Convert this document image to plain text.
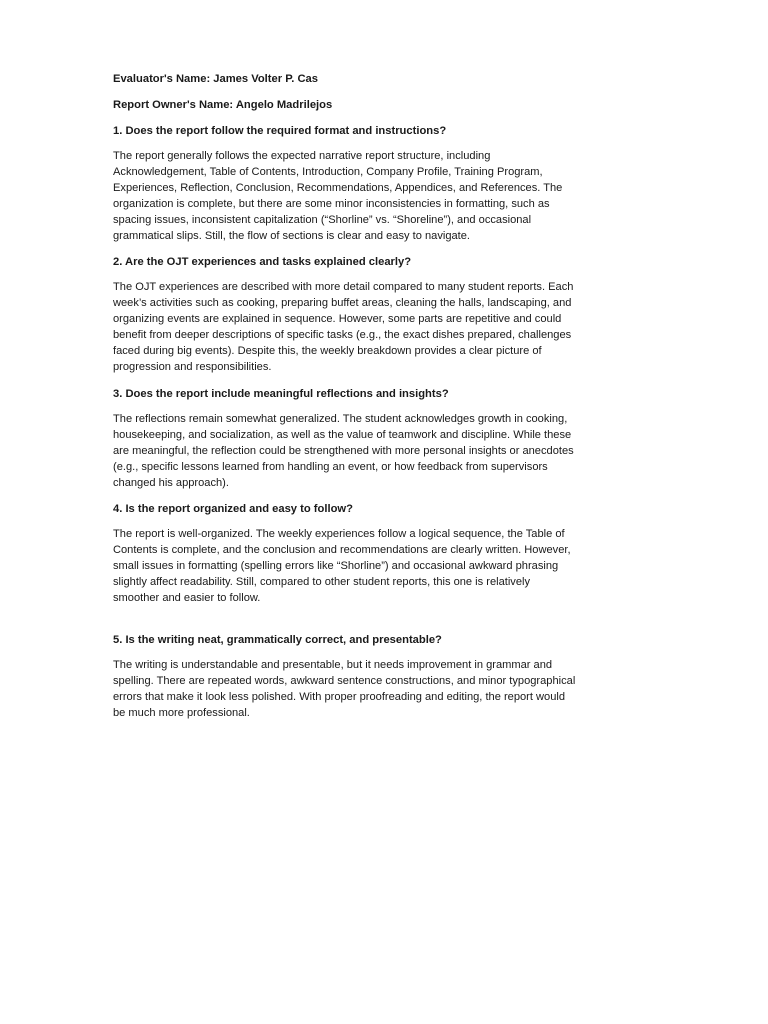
Evaluator's Name: James Volter P. Cas

Report Owner's Name: Angelo Madrilejos

1. Does the report follow the required format and instructions?

The report generally follows the expected narrative report structure, including
Acknowledgement, Table of Contents, Introduction, Company Profile, Training Program,
Experiences, Reflection, Conclusion, Recommendations, Appendices, and References. The
organization is complete, but there are some minor inconsistencies in formatting, such as
spacing issues, inconsistent capitalization (“Shorline” vs. “Shoreline”), and occasional
grammatical slips. Still, the flow of sections is clear and easy to navigate.

2. Are the OJT experiences and tasks explained clearly?

The OJT experiences are described with more detail compared to many student reports. Each
week’s activities such as cooking, preparing buffet areas, cleaning the halls, landscaping, and
organizing events are explained in sequence. However, some parts are repetitive and could
benefit from deeper descriptions of specific tasks (e.g., the exact dishes prepared, challenges
faced during big events). Despite this, the weekly breakdown provides a clear picture of
progression and responsibilities.

3. Does the report include meaningful reflections and insights?

The reflections remain somewhat generalized. The student acknowledges growth in cooking,
housekeeping, and socialization, as well as the value of teamwork and discipline. While these
are meaningful, the reflection could be strengthened with more personal insights or anecdotes
(e.g., specific lessons learned from handling an event, or how feedback from supervisors
changed his approach).

4. Is the report organized and easy to follow?

The report is well-organized. The weekly experiences follow a logical sequence, the Table of
Contents is complete, and the conclusion and recommendations are clearly written. However,
small issues in formatting (spelling errors like “Shorline”) and occasional awkward phrasing
slightly affect readability. Still, compared to other student reports, this one is relatively
smoother and easier to follow.

5. Is the writing neat, grammatically correct, and presentable?

The writing is understandable and presentable, but it needs improvement in grammar and
spelling. There are repeated words, awkward sentence constructions, and minor typographical
errors that make it look less polished. With proper proofreading and editing, the report would
be much more professional.
